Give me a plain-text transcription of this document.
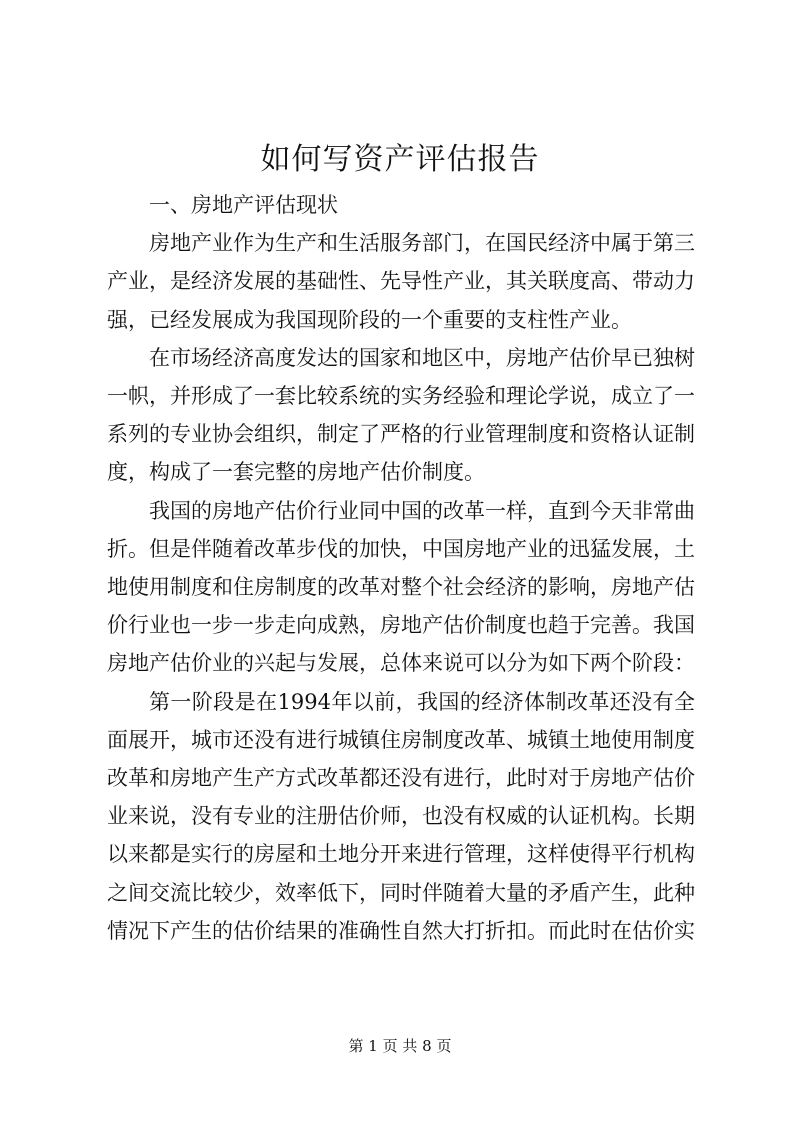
如何写资产评估报告

一、房地产评估现状

房地产业作为生产和生活服务部门，在国民经济中属于第三产业，是经济发展的基础性、先导性产业，其关联度高、带动力强，已经发展成为我国现阶段的一个重要的支柱性产业。

在市场经济高度发达的国家和地区中，房地产估价早已独树一帜，并形成了一套比较系统的实务经验和理论学说，成立了一系列的专业协会组织，制定了严格的行业管理制度和资格认证制度，构成了一套完整的房地产估价制度。

我国的房地产估价行业同中国的改革一样，直到今天非常曲折。但是伴随着改革步伐的加快，中国房地产业的迅猛发展，土地使用制度和住房制度的改革对整个社会经济的影响，房地产估价行业也一步一步走向成熟，房地产估价制度也趋于完善。我国房地产估价业的兴起与发展，总体来说可以分为如下两个阶段：

第一阶段是在1994年以前，我国的经济体制改革还没有全面展开，城市还没有进行城镇住房制度改革、城镇土地使用制度改革和房地产生产方式改革都还没有进行，此时对于房地产估价业来说，没有专业的注册估价师，也没有权威的认证机构。长期以来都是实行的房屋和土地分开来进行管理，这样使得平行机构之间交流比较少，效率低下，同时伴随着大量的矛盾产生，此种情况下产生的估价结果的准确性自然大打折扣。而此时在估价实

第 1 页 共 8 页
